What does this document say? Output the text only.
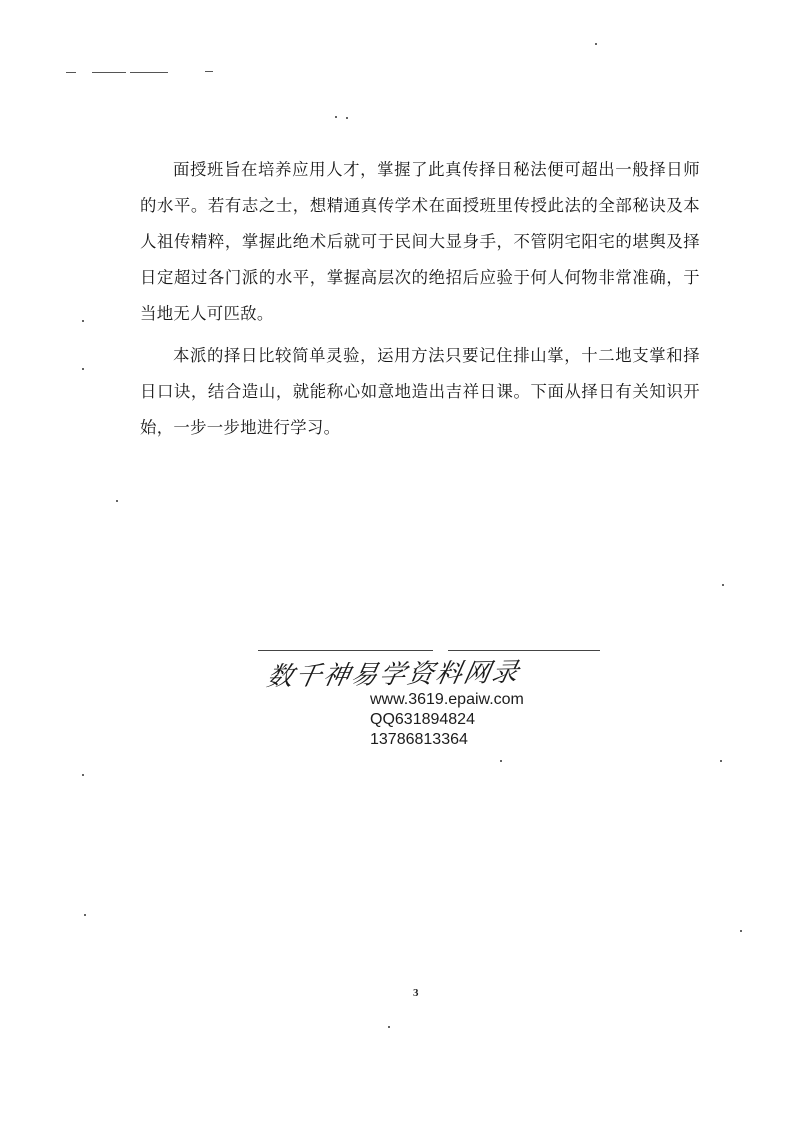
面授班旨在培养应用人才，掌握了此真传择日秘法便可超出一般择日师的水平。若有志之士，想精通真传学术在面授班里传授此法的全部秘诀及本人祖传精粹，掌握此绝术后就可于民间大显身手，不管阴宅阳宅的堪舆及择日定超过各门派的水平，掌握高层次的绝招后应验于何人何物非常准确，于当地无人可匹敌。

本派的择日比较简单灵验，运用方法只要记住排山掌，十二地支掌和择日口诀，结合造山，就能称心如意地造出吉祥日课。下面从择日有关知识开始，一步一步地进行学习。

数千神易学资料网录
www.3619.epaiw.com
QQ631894824
13786813364
3
